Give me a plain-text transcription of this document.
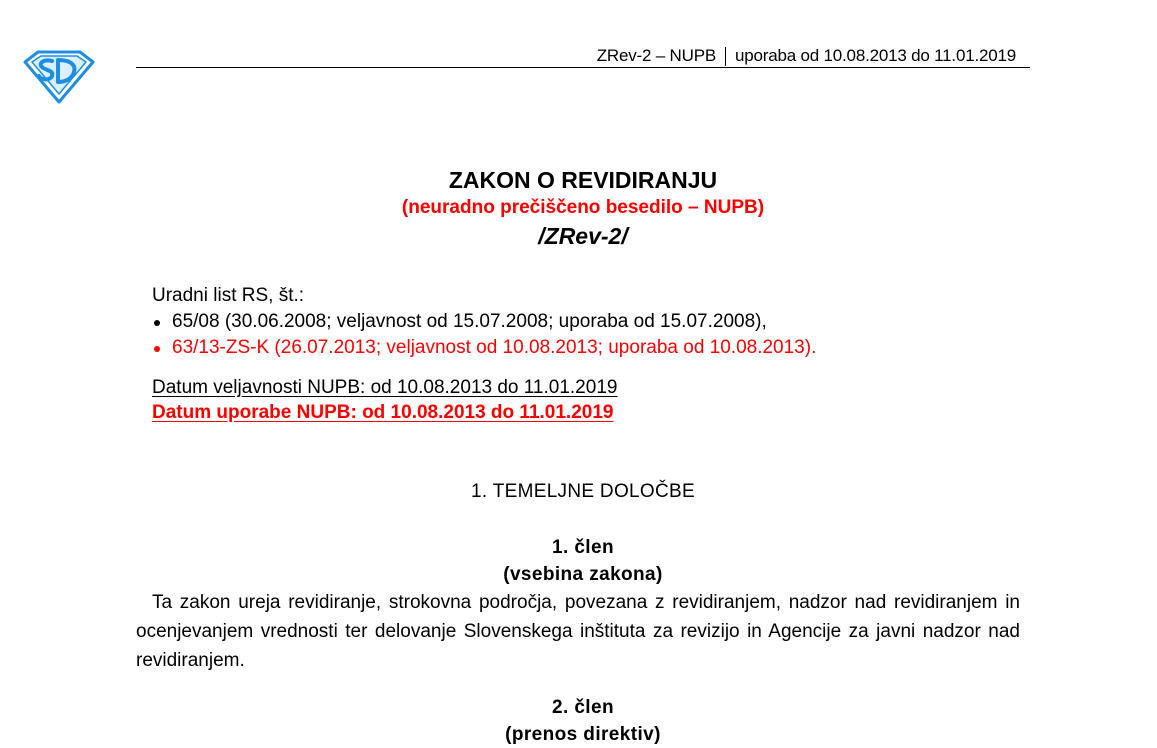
ZRev-2 – NUPB uporaba od 10.08.2013 do 11.01.2019
ZAKON O REVIDIRANJU
(neuradno prečiščeno besedilo – NUPB)
/ZRev-2/
Uradni list RS, št.:
65/08 (30.06.2008; veljavnost od 15.07.2008; uporaba od 15.07.2008),
63/13-ZS-K (26.07.2013; veljavnost od 10.08.2013; uporaba od 10.08.2013).
Datum veljavnosti NUPB: od 10.08.2013 do 11.01.2019
Datum uporabe NUPB: od 10.08.2013 do 11.01.2019
1. TEMELJNE DOLOČBE
1. člen
(vsebina zakona)
Ta zakon ureja revidiranje, strokovna področja, povezana z revidiranjem, nadzor nad revidiranjem in ocenjevanjem vrednosti ter delovanje Slovenskega inštituta za revizijo in Agencije za javni nadzor nad revidiranjem.
2. člen
(prenos direktiv)
